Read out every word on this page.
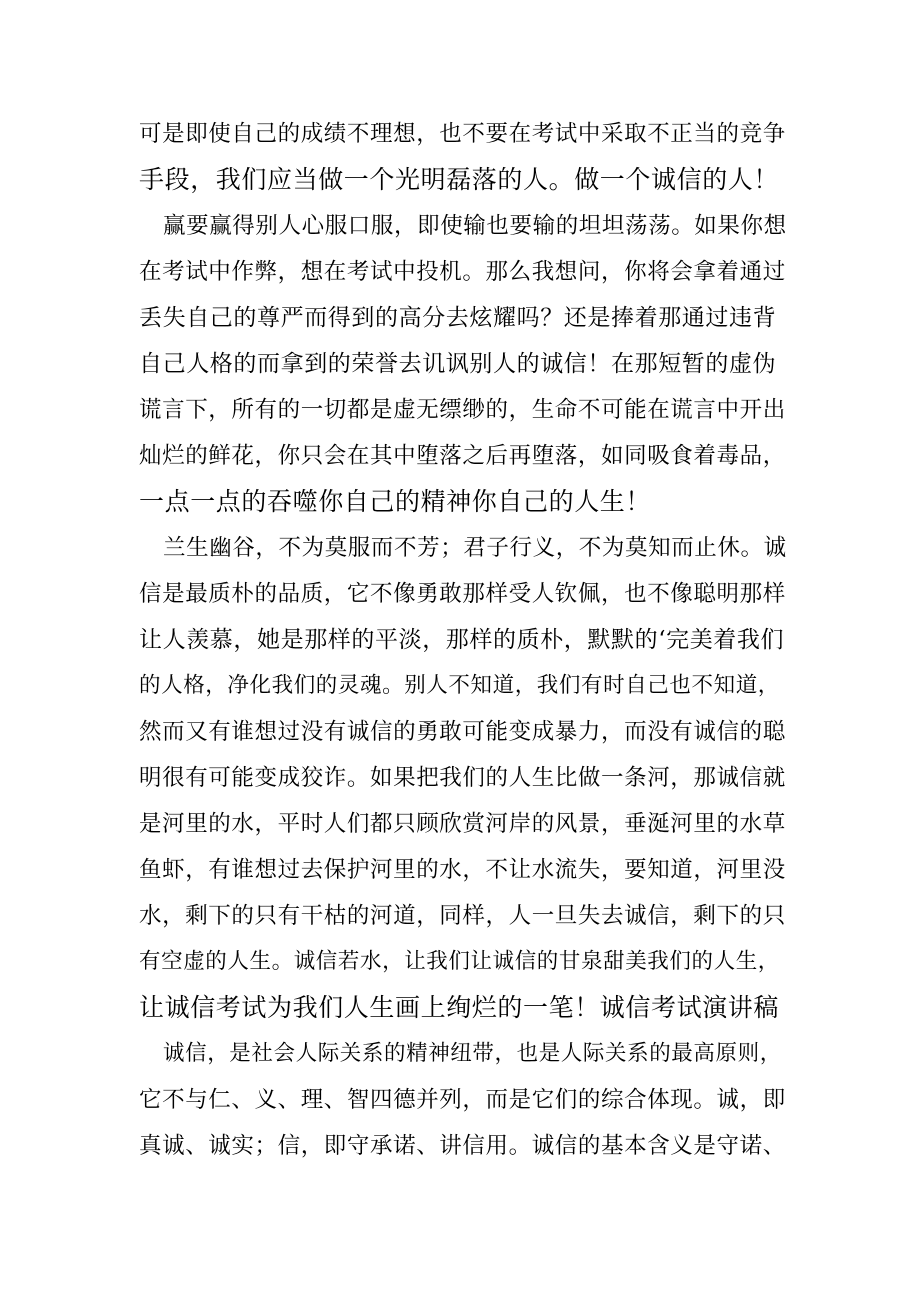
可是即使自己的成绩不理想，也不要在考试中采取不正当的竞争
手段，我们应当做一个光明磊落的人。做一个诚信的人！
赢要赢得别人心服口服，即使输也要输的坦坦荡荡。如果你想
在考试中作弊，想在考试中投机。那么我想问，你将会拿着通过
丢失自己的尊严而得到的高分去炫耀吗？还是捧着那通过违背
自己人格的而拿到的荣誉去讥讽别人的诚信！在那短暂的虚伪
谎言下，所有的一切都是虚无缥缈的，生命不可能在谎言中开出
灿烂的鲜花，你只会在其中堕落之后再堕落，如同吸食着毒品，
一点一点的吞噬你自己的精神你自己的人生！
兰生幽谷，不为莫服而不芳；君子行义，不为莫知而止休。诚
信是最质朴的品质，它不像勇敢那样受人钦佩，也不像聪明那样
让人羡慕，她是那样的平淡，那样的质朴，默默的‘完美着我们
的人格，净化我们的灵魂。别人不知道，我们有时自己也不知道，
然而又有谁想过没有诚信的勇敢可能变成暴力，而没有诚信的聪
明很有可能变成狡诈。如果把我们的人生比做一条河，那诚信就
是河里的水，平时人们都只顾欣赏河岸的风景，垂涎河里的水草
鱼虾，有谁想过去保护河里的水，不让水流失，要知道，河里没
水，剩下的只有干枯的河道，同样，人一旦失去诚信，剩下的只
有空虚的人生。诚信若水，让我们让诚信的甘泉甜美我们的人生，
让诚信考试为我们人生画上绚烂的一笔！诚信考试演讲稿
诚信，是社会人际关系的精神纽带，也是人际关系的最高原则，
它不与仁、义、理、智四德并列，而是它们的综合体现。诚，即
真诚、诚实；信，即守承诺、讲信用。诚信的基本含义是守诺、
